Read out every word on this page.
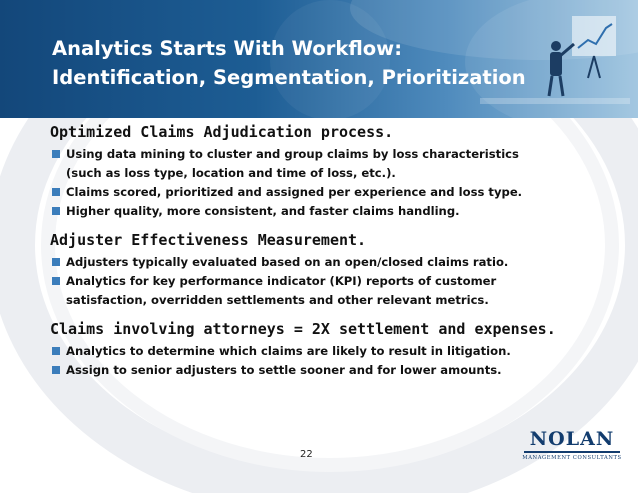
Analytics Starts With Workflow:
Identification, Segmentation, Prioritization

Optimized Claims Adjudication process.

Using data mining to cluster and group claims by loss characteristics
(such as loss type, location and time of loss, etc.).
Claims scored, prioritized and assigned per experience and loss type.
Higher quality, more consistent, and faster claims handling.

Adjuster Effectiveness Measurement.

Adjusters typically evaluated based on an open/closed claims ratio.
Analytics for key performance indicator (KPI) reports of customer
satisfaction, overridden settlements and other relevant metrics.

Claims involving attorneys = 2X settlement and expenses.

Analytics to determine which claims are likely to result in litigation.
Assign to senior adjusters to settle sooner and for lower amounts.
22
NOLAN
MANAGEMENT CONSULTANTS
